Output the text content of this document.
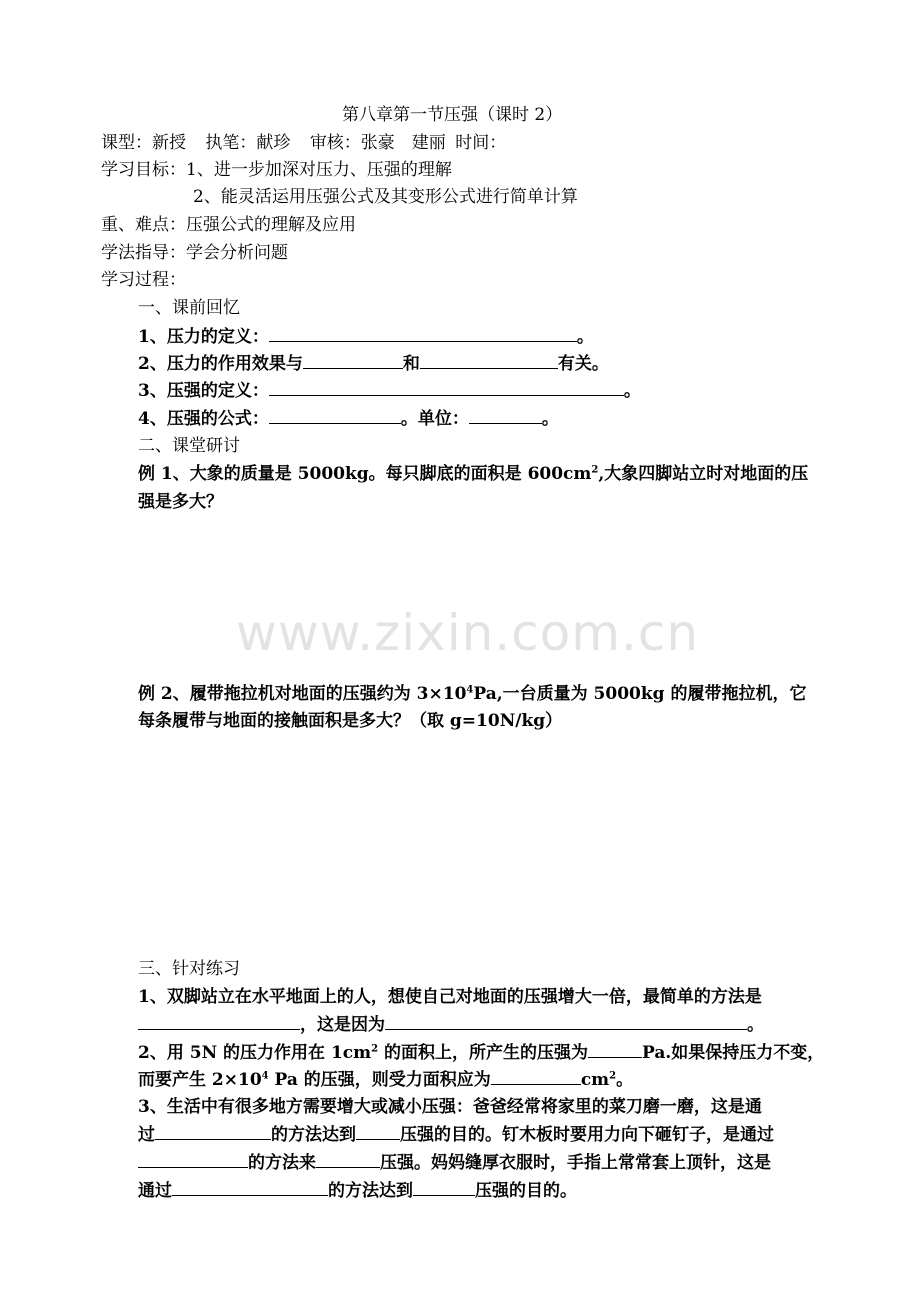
第八章第一节压强（课时 2）
课型：新授 执笔：献珍 审核：张豪　建丽 时间：
学习目标：1、进一步加深对压力、压强的理解
2、能灵活运用压强公式及其变形公式进行简单计算
重、难点：压强公式的理解及应用
学法指导：学会分析问题
学习过程：
一、课前回忆
1、压力的定义：	。
2、压力的作用效果与	和	有关。
3、压强的定义：	。
4、压强的公式：	。单位：	。
二、课堂研讨
例 1、大象的质量是 5000kg。每只脚底的面积是 $600cm^2$,大象四脚站立时对地面的压
强是多大？
www.zixin.com.cn
例 2、履带拖拉机对地面的压强约为 $3\times 10^4Pa$,一台质量为 5000kg 的履带拖拉机，它
每条履带与地面的接触面积是多大？（取 g=10N/kg）
三、针对练习
1、双脚站立在水平地面上的人，想使自己对地面的压强增大一倍，最简单的方法是
，这是因为	。
2、用 5N 的压力作用在 $1cm^2$ 的面积上，所产生的压强为	Pa.如果保持压力不变，
而要产生 $2\times 10^4$ Pa 的压强，则受力面积应为	$cm^2$。
3、生活中有很多地方需要增大或减小压强：爸爸经常将家里的菜刀磨一磨，这是通
过	的方法达到	压强的目的。钉木板时要用力向下砸钉子，是通过
的方法来	压强。妈妈缝厚衣服时，手指上常常套上顶针，这是
通过	的方法达到	压强的目的。
